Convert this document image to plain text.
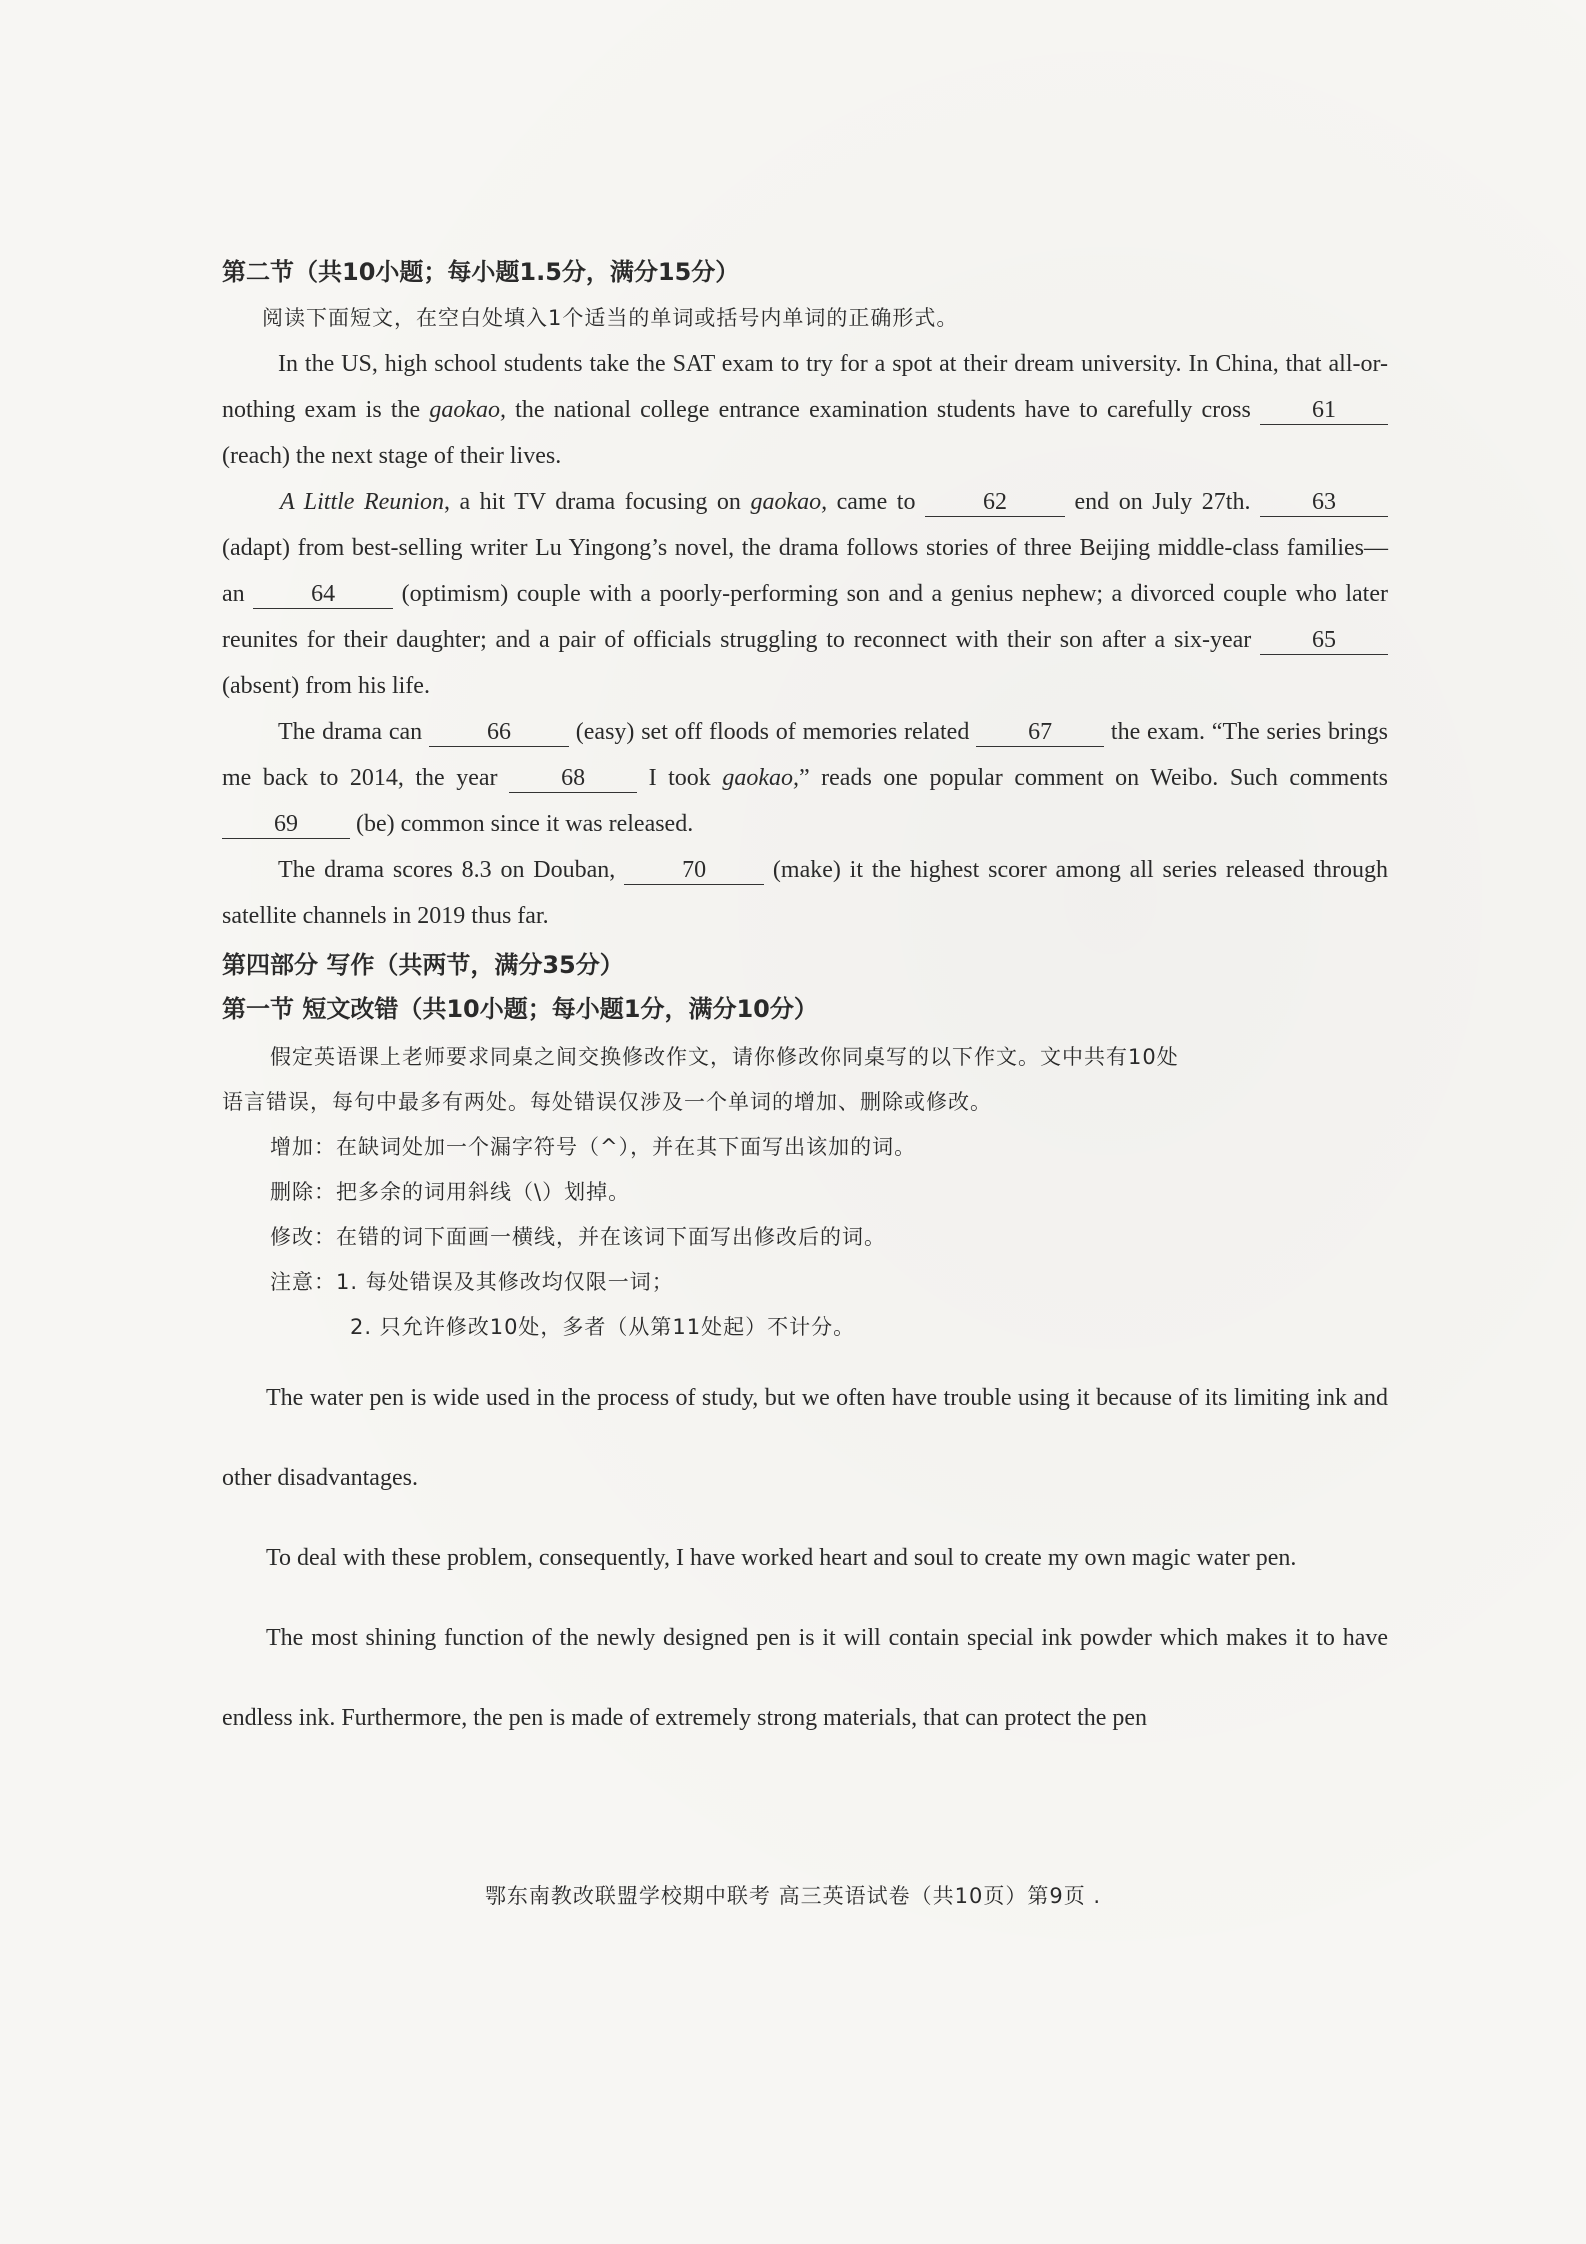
第二节（共10小题；每小题1.5分，满分15分）

阅读下面短文，在空白处填入1个适当的单词或括号内单词的正确形式。

In the US, high school students take the SAT exam to try for a spot at their dream university. In China, that all-or-nothing exam is the gaokao, the national college entrance examination students have to carefully cross 61 (reach) the next stage of their lives.

A Little Reunion, a hit TV drama focusing on gaokao, came to 62 end on July 27th. 63 (adapt) from best-selling writer Lu Yingong’s novel, the drama follows stories of three Beijing middle-class families— an 64 (optimism) couple with a poorly-performing son and a genius nephew; a divorced couple who later reunites for their daughter; and a pair of officials struggling to reconnect with their son after a six-year 65 (absent) from his life.

The drama can 66 (easy) set off floods of memories related 67 the exam. “The series brings me back to 2014, the year 68 I took gaokao,” reads one popular comment on Weibo. Such comments 69 (be) common since it was released.

The drama scores 8.3 on Douban, 70 (make) it the highest scorer among all series released through satellite channels in 2019 thus far.

第四部分 写作（共两节，满分35分）

第一节 短文改错（共10小题；每小题1分，满分10分）

假定英语课上老师要求同桌之间交换修改作文，请你修改你同桌写的以下作文。文中共有10处
语言错误，每句中最多有两处。每处错误仅涉及一个单词的增加、删除或修改。
增加：在缺词处加一个漏字符号（^），并在其下面写出该加的词。
删除：把多余的词用斜线（\）划掉。
修改：在错的词下面画一横线，并在该词下面写出修改后的词。
注意：1. 每处错误及其修改均仅限一词；
2. 只允许修改10处，多者（从第11处起）不计分。

The water pen is wide used in the process of study, but we often have trouble using it because of its limiting ink and other disadvantages.

To deal with these problem, consequently, I have worked heart and soul to create my own magic water pen.

The most shining function of the newly designed pen is it will contain special ink powder which makes it to have endless ink. Furthermore, the pen is made of extremely strong materials, that can protect the pen

鄂东南教改联盟学校期中联考 高三英语试卷（共10页）第9页 .
